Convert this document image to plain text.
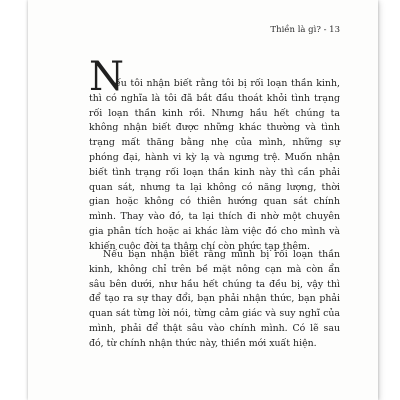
Thiền là gì? - 13
N
ếu tôi nhận biết rằng tôi bị rối loạn thần kinh,

thì có nghĩa là tôi đã bắt đầu thoát khỏi tình trạng
rối loạn thần kinh rồi. Nhưng hầu hết chúng ta
không nhận biết được những khác thường và tình
trạng mất thăng bằng nhẹ của mình, những sự
phóng đại, hành vi kỳ lạ và ngưng trệ. Muốn nhận
biết tình trạng rối loạn thần kinh này thì cần phải
quan sát, nhưng ta lại không có năng lượng, thời
gian hoặc không có thiên hướng quan sát chính
mình. Thay vào đó, ta lại thích đi nhờ một chuyên
gia phân tích hoặc ai khác làm việc đó cho mình và
khiến cuộc đời ta thậm chí còn phức tạp thêm.
Nếu bạn nhận biết rằng mình bị rối loạn thần
kinh, không chỉ trên bề mặt nông cạn mà còn ẩn
sâu bên dưới, như hầu hết chúng ta đều bị, vậy thì
để tạo ra sự thay đổi, bạn phải nhận thức, bạn phải
quan sát từng lời nói, từng cảm giác và suy nghĩ của
mình, phải để thật sâu vào chính mình. Có lẽ sau
đó, từ chính nhận thức này, thiền mới xuất hiện.
